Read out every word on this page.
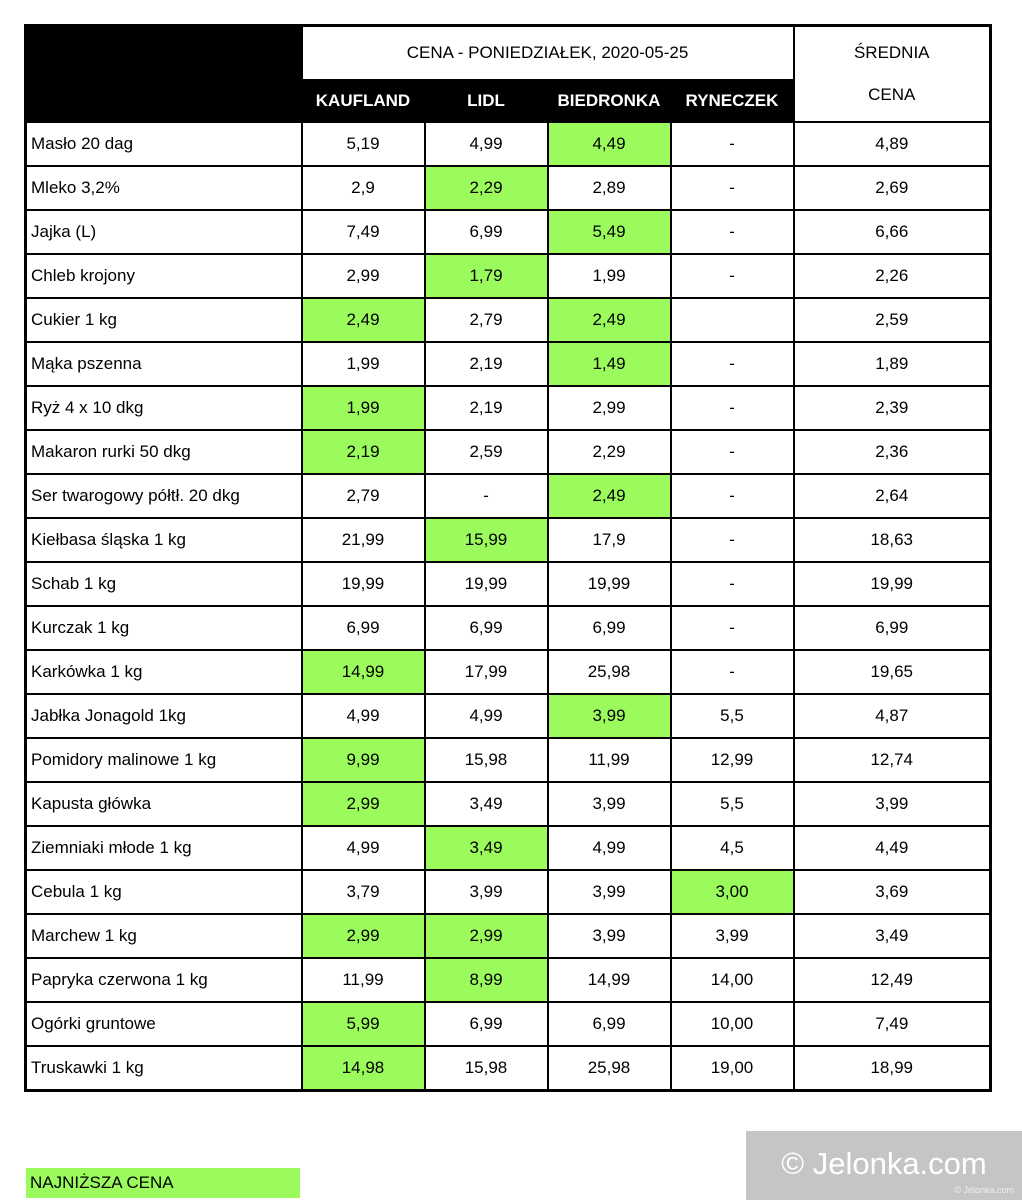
	CENA - PONIEDZIAŁEK, 2020-05-25				ŚREDNIA
CENA

	KAUFLAND	LIDL	BIEDRONKA	RYNECZEK	
Masło 20 dag	5,19	4,99	4,49	-	4,89
Mleko 3,2%	2,9	2,29	2,89	-	2,69
Jajka (L)	7,49	6,99	5,49	-	6,66
Chleb krojony	2,99	1,79	1,99	-	2,26
Cukier 1 kg	2,49	2,79	2,49		2,59
Mąka pszenna	1,99	2,19	1,49	-	1,89
Ryż 4 x 10 dkg	1,99	2,19	2,99	-	2,39
Makaron rurki 50 dkg	2,19	2,59	2,29	-	2,36
Ser twarogowy półtł. 20 dkg	2,79	-	2,49	-	2,64
Kiełbasa śląska 1 kg	21,99	15,99	17,9	-	18,63
Schab 1 kg	19,99	19,99	19,99	-	19,99
Kurczak 1 kg	6,99	6,99	6,99	-	6,99
Karkówka 1 kg	14,99	17,99	25,98	-	19,65
Jabłka Jonagold 1kg	4,99	4,99	3,99	5,5	4,87
Pomidory malinowe 1 kg	9,99	15,98	11,99	12,99	12,74
Kapusta główka	2,99	3,49	3,99	5,5	3,99
Ziemniaki młode 1 kg	4,99	3,49	4,99	4,5	4,49
Cebula 1 kg	3,79	3,99	3,99	3,00	3,69
Marchew 1 kg	2,99	2,99	3,99	3,99	3,49
Papryka czerwona 1 kg	11,99	8,99	14,99	14,00	12,49
Ogórki gruntowe	5,99	6,99	6,99	10,00	7,49
Truskawki 1 kg	14,98	15,98	25,98	19,00	18,99
NAJNIŻSZA CENA
© Jelonka.com
© Jelonka.com
